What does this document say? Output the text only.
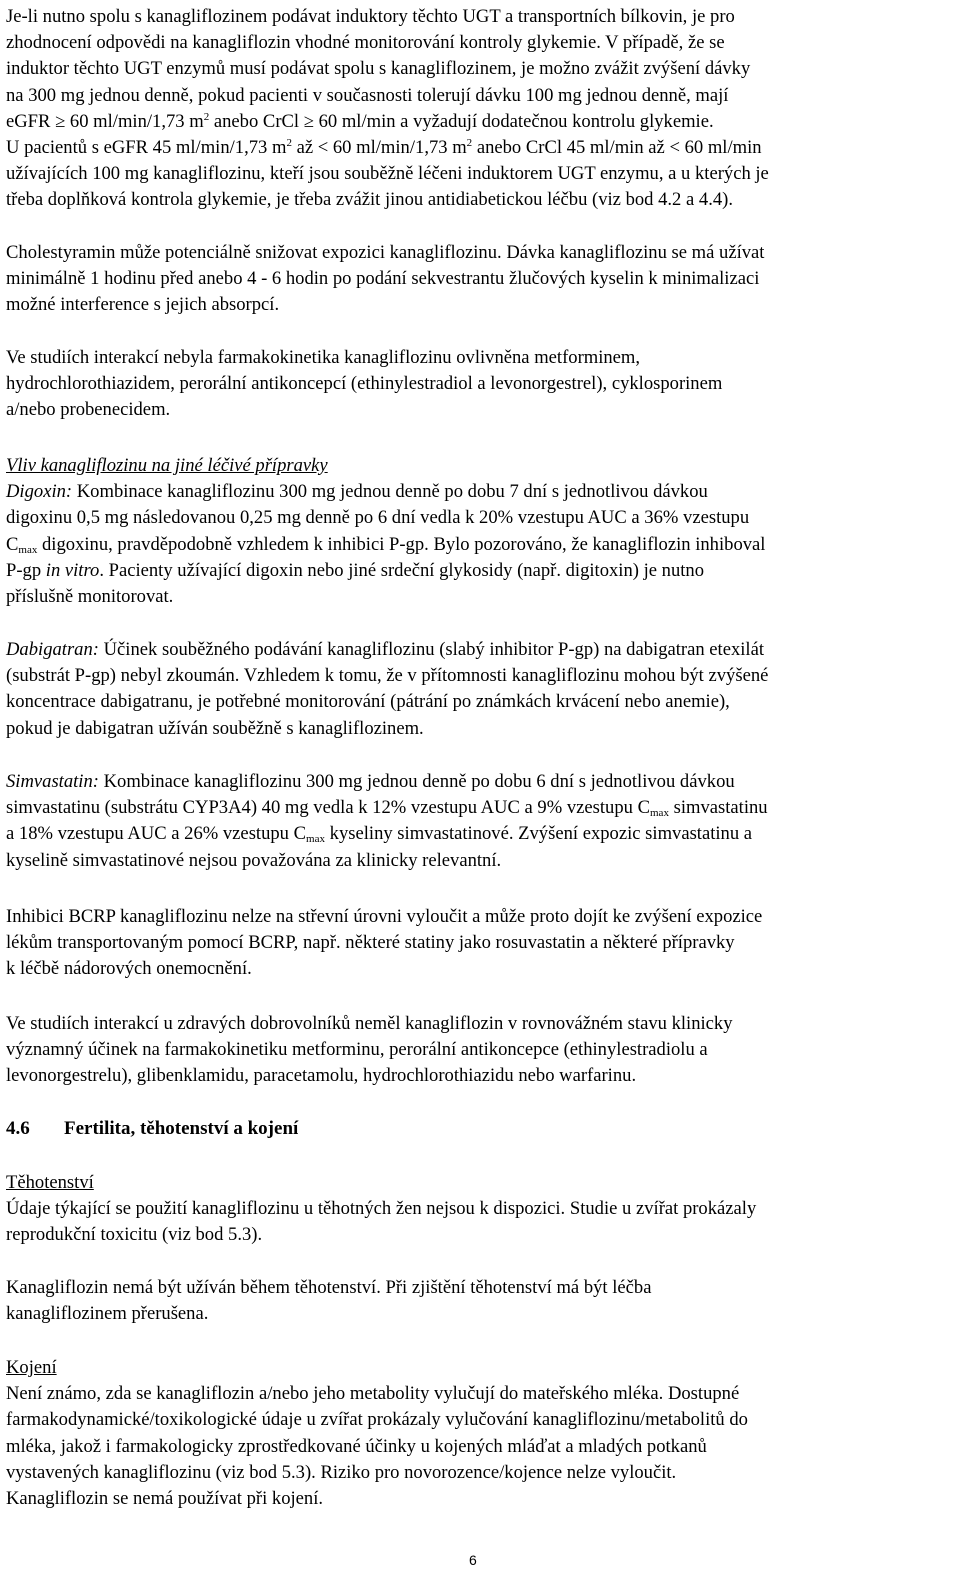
Je-li nutno spolu s kanagliflozinem podávat induktory těchto UGT a transportních bílkovin, je pro
zhodnocení odpovědi na kanagliflozin vhodné monitorování kontroly glykemie. V případě, že se
induktor těchto UGT enzymů musí podávat spolu s kanagliflozinem, je možno zvážit zvýšení dávky
na 300 mg jednou denně, pokud pacienti v současnosti tolerují dávku 100 mg jednou denně, mají
eGFR ≥ 60 ml/min/1,73 $m^2$ anebo CrCl ≥ 60 ml/min a vyžadují dodatečnou kontrolu glykemie.
U pacientů s eGFR 45 ml/min/1,73 $m^2$ až < 60 ml/min/1,73 $m^2$ anebo CrCl 45 ml/min až < 60 ml/min
užívajících 100 mg kanagliflozinu, kteří jsou souběžně léčeni induktorem UGT enzymu, a u kterých je
třeba doplňková kontrola glykemie, je třeba zvážit jinou antidiabetickou léčbu (viz bod 4.2 a 4.4).
Cholestyramin může potenciálně snižovat expozici kanagliflozinu. Dávka kanagliflozinu se má užívat
minimálně 1 hodinu před anebo 4 - 6 hodin po podání sekvestrantu žlučových kyselin k minimalizaci
možné interference s jejich absorpcí.
Ve studiích interakcí nebyla farmakokinetika kanagliflozinu ovlivněna metforminem,
hydrochlorothiazidem, perorální antikoncepcí (ethinylestradiol a levonorgestrel), cyklosporinem
a/nebo probenecidem.
Vliv kanagliflozinu na jiné léčivé přípravky
Digoxin: Kombinace kanagliflozinu 300 mg jednou denně po dobu 7 dní s jednotlivou dávkou
digoxinu 0,5 mg následovanou 0,25 mg denně po 6 dní vedla k 20% vzestupu AUC a 36% vzestupu
$C_{max}$ digoxinu, pravděpodobně vzhledem k inhibici P-gp. Bylo pozorováno, že kanagliflozin inhiboval
P-gp in vitro. Pacienty užívající digoxin nebo jiné srdeční glykosidy (např. digitoxin) je nutno
příslušně monitorovat.
Dabigatran: Účinek souběžného podávání kanagliflozinu (slabý inhibitor P-gp) na dabigatran etexilát
(substrát P-gp) nebyl zkoumán. Vzhledem k tomu, že v přítomnosti kanagliflozinu mohou být zvýšené
koncentrace dabigatranu, je potřebné monitorování (pátrání po známkách krvácení nebo anemie),
pokud je dabigatran užíván souběžně s kanagliflozinem.
Simvastatin: Kombinace kanagliflozinu 300 mg jednou denně po dobu 6 dní s jednotlivou dávkou
simvastatinu (substrátu CYP3A4) 40 mg vedla k 12% vzestupu AUC a 9% vzestupu $C_{max}$ simvastatinu
a 18% vzestupu AUC a 26% vzestupu $C_{max}$ kyseliny simvastatinové. Zvýšení expozic simvastatinu a
kyselině simvastatinové nejsou považována za klinicky relevantní.
Inhibici BCRP kanagliflozinu nelze na střevní úrovni vyloučit a může proto dojít ke zvýšení expozice
lékům transportovaným pomocí BCRP, např. některé statiny jako rosuvastatin a některé přípravky
k léčbě nádorových onemocnění.
Ve studiích interakcí u zdravých dobrovolníků neměl kanagliflozin v rovnovážném stavu klinicky
významný účinek na farmakokinetiku metforminu, perorální antikoncepce (ethinylestradiolu a
levonorgestrelu), glibenklamidu, paracetamolu, hydrochlorothiazidu nebo warfarinu.
4.6 Fertilita, těhotenství a kojení
Těhotenství
Údaje týkající se použití kanagliflozinu u těhotných žen nejsou k dispozici. Studie u zvířat prokázaly
reprodukční toxicitu (viz bod 5.3).
Kanagliflozin nemá být užíván během těhotenství. Při zjištění těhotenství má být léčba
kanagliflozinem přerušena.
Kojení
Není známo, zda se kanagliflozin a/nebo jeho metabolity vylučují do mateřského mléka. Dostupné
farmakodynamické/toxikologické údaje u zvířat prokázaly vylučování kanagliflozinu/metabolitů do
mléka, jakož i farmakologicky zprostředkované účinky u kojených mláďat a mladých potkanů
vystavených kanagliflozinu (viz bod 5.3). Riziko pro novorozence/kojence nelze vyloučit.
Kanagliflozin se nemá používat při kojení.
6
